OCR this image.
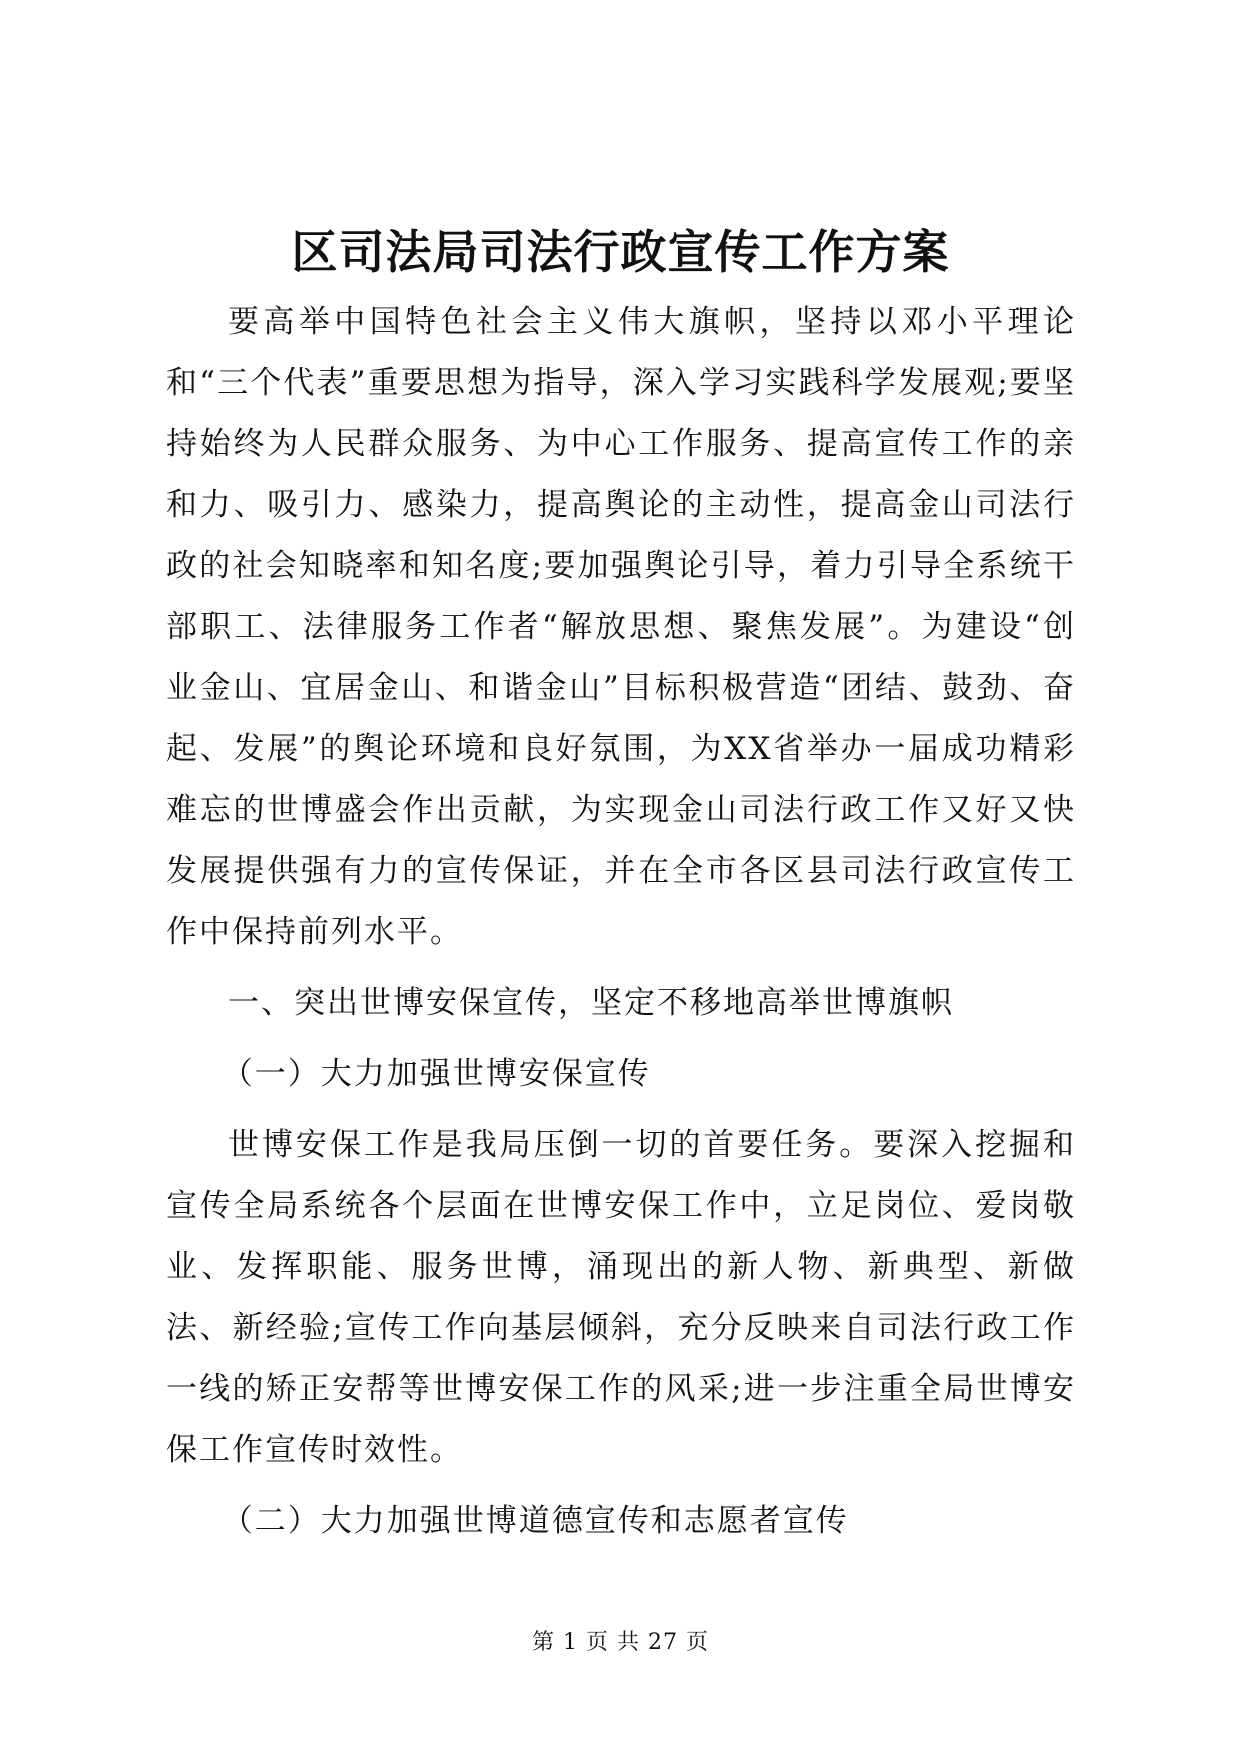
区司法局司法行政宣传工作方案

要高举中国特色社会主义伟大旗帜，坚持以邓小平理论和“三个代表”重要思想为指导，深入学习实践科学发展观;要坚持始终为人民群众服务、为中心工作服务、提高宣传工作的亲和力、吸引力、感染力，提高舆论的主动性，提高金山司法行政的社会知晓率和知名度;要加强舆论引导，着力引导全系统干部职工、法律服务工作者“解放思想、聚焦发展”。为建设“创业金山、宜居金山、和谐金山”目标积极营造“团结、鼓劲、奋起、发展”的舆论环境和良好氛围，为XX省举办一届成功精彩难忘的世博盛会作出贡献，为实现金山司法行政工作又好又快发展提供强有力的宣传保证，并在全市各区县司法行政宣传工作中保持前列水平。

一、突出世博安保宣传，坚定不移地高举世博旗帜

（一）大力加强世博安保宣传

世博安保工作是我局压倒一切的首要任务。要深入挖掘和宣传全局系统各个层面在世博安保工作中，立足岗位、爱岗敬业、发挥职能、服务世博，涌现出的新人物、新典型、新做法、新经验;宣传工作向基层倾斜，充分反映来自司法行政工作一线的矫正安帮等世博安保工作的风采;进一步注重全局世博安保工作宣传时效性。

（二）大力加强世博道德宣传和志愿者宣传

第 1 页 共 27 页
